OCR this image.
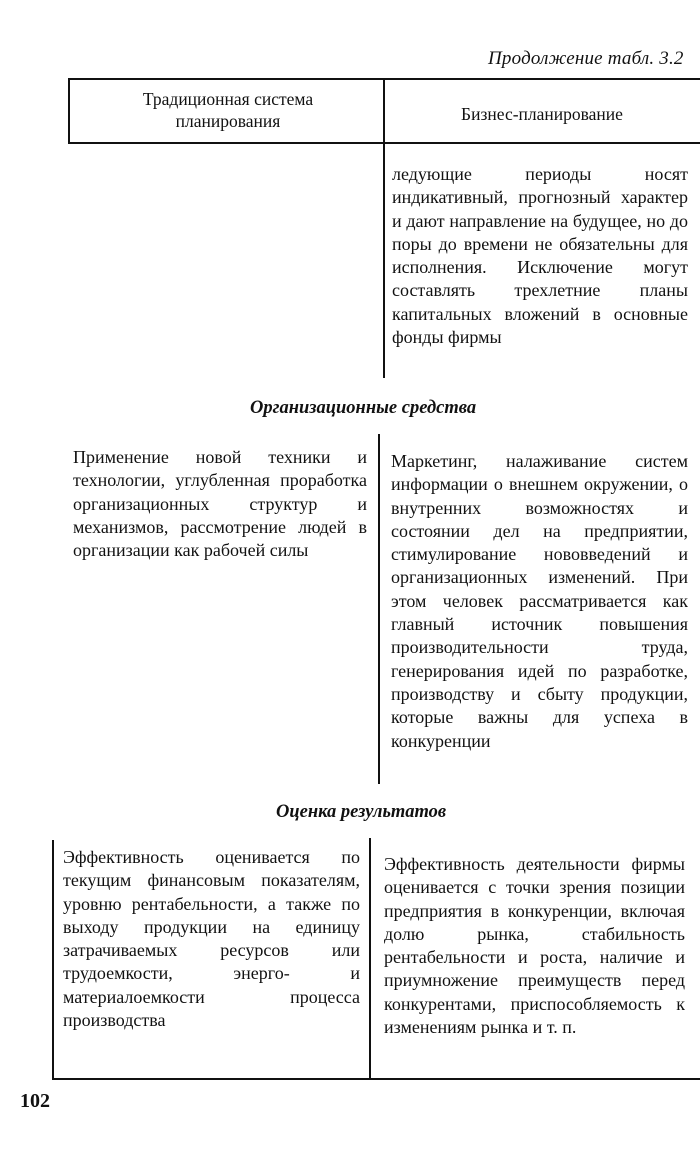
Продолжение табл. 3.2
Традиционная система планирования	Бизнес-планирование
ледующие периоды носят индикативный, прогнозный характер и дают направление на будущее, но до поры до времени не обязательны для исполнения. Исключение могут составлять трехлетние планы капитальных вложений в основные фонды фирмы
Организационные средства
Применение новой техники и технологии, углубленная проработка организационных структур и механизмов, рассмотрение людей в организации как рабочей силы
Маркетинг, налаживание систем информации о внешнем окружении, о внутренних возможностях и состоянии дел на предприятии, стимулирование нововведений и организационных изменений. При этом человек рассматривается как главный источник повышения производительности труда, генерирования идей по разработке, производству и сбыту продукции, которые важны для успеха в конкуренции
Оценка результатов
Эффективность оценивается по текущим финансовым показателям, уровню рентабельности, а также по выходу продукции на единицу затрачиваемых ресурсов или трудоемкости, энерго- и материалоемкости процесса производства
Эффективность деятельности фирмы оценивается с точки зрения позиции предприятия в конкуренции, включая долю рынка, стабильность рентабельности и роста, наличие и приумножение преимуществ перед конкурентами, приспособляемость к изменениям рынка и т. п.
102
